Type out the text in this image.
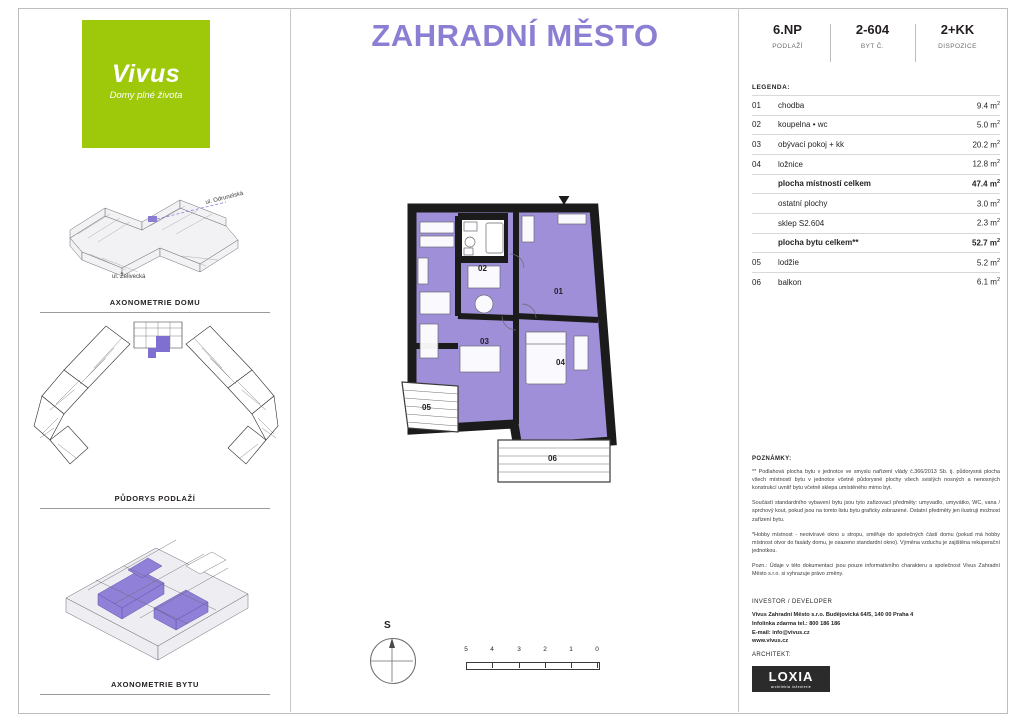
Vivus
Domy plné života
ZAHRADNÍ MĚSTO	6.NP
PODLAŽÍ
2-604
BYT Č.
2+KK
DISPOZICE
LEGENDA:
01	chodba	9.4 $m^2$
02	koupelna • wc	5.0 $m^2$
03	obývací pokoj + kk	20.2 $m^2$
04	ložnice	12.8 $m^2$
plocha místností celkem	47.4 $m^2$
ostatní plochy	3.0 $m^2$
sklep S2.604	2.3 $m^2$
plocha bytu celkem**	52.7 $m^2$
05	lodžie	5.2 $m^2$
06	balkon	6.1 $m^2$
POZNÁMKY:

** Podlahová plocha bytu v jednotce ve smyslu nařízení vlády č.366/2013 Sb. tj. půdorysná plocha všech místností bytu v jednotce včetně půdorysné plochy všech svislých nosných a nenosných konstrukcí uvnitř bytu včetně sklepa umístěného mimo byt.

Součástí standardního vybavení bytu jsou tyto zařizovací předměty: umyvadlo, umyvátko, WC, vana / sprchový kout, pokud jsou na tomto listu bytu graficky zobrazené. Ostatní předměty jen ilustruji možnost zařízení bytu.

*Hobby místnost - neotvíravé okno u stropu, směřuje do společných částí domu (pokud má hobby místnost otvor do fasády domu, je osazeno standardní okno). Výměna vzduchu je zajištěna rekuperační jednotkou.

Pozn.: Údaje v této dokumentaci jsou pouze informativního charakteru a společnost Vivus Zahradní Město s.r.o. si vyhrazuje právo změny.

INVESTOR / DEVELOPER
Vivus Zahradní Město s.r.o. Budějovická 64/5, 140 00 Praha 4
Infolinka zdarma tel.: 800 186 186
E-mail: info@vivus.cz
www.vivus.cz
ARCHITEKT:
LOXIA
architekta inženierie
ul. Odrunelská
ul. Želivecká
AXONOMETRIE DOMU
PŮDORYS PODLAŽÍ
AXONOMETRIE BYTU
01
02
03
04
05
06
S
5	4	3	2	1	0
